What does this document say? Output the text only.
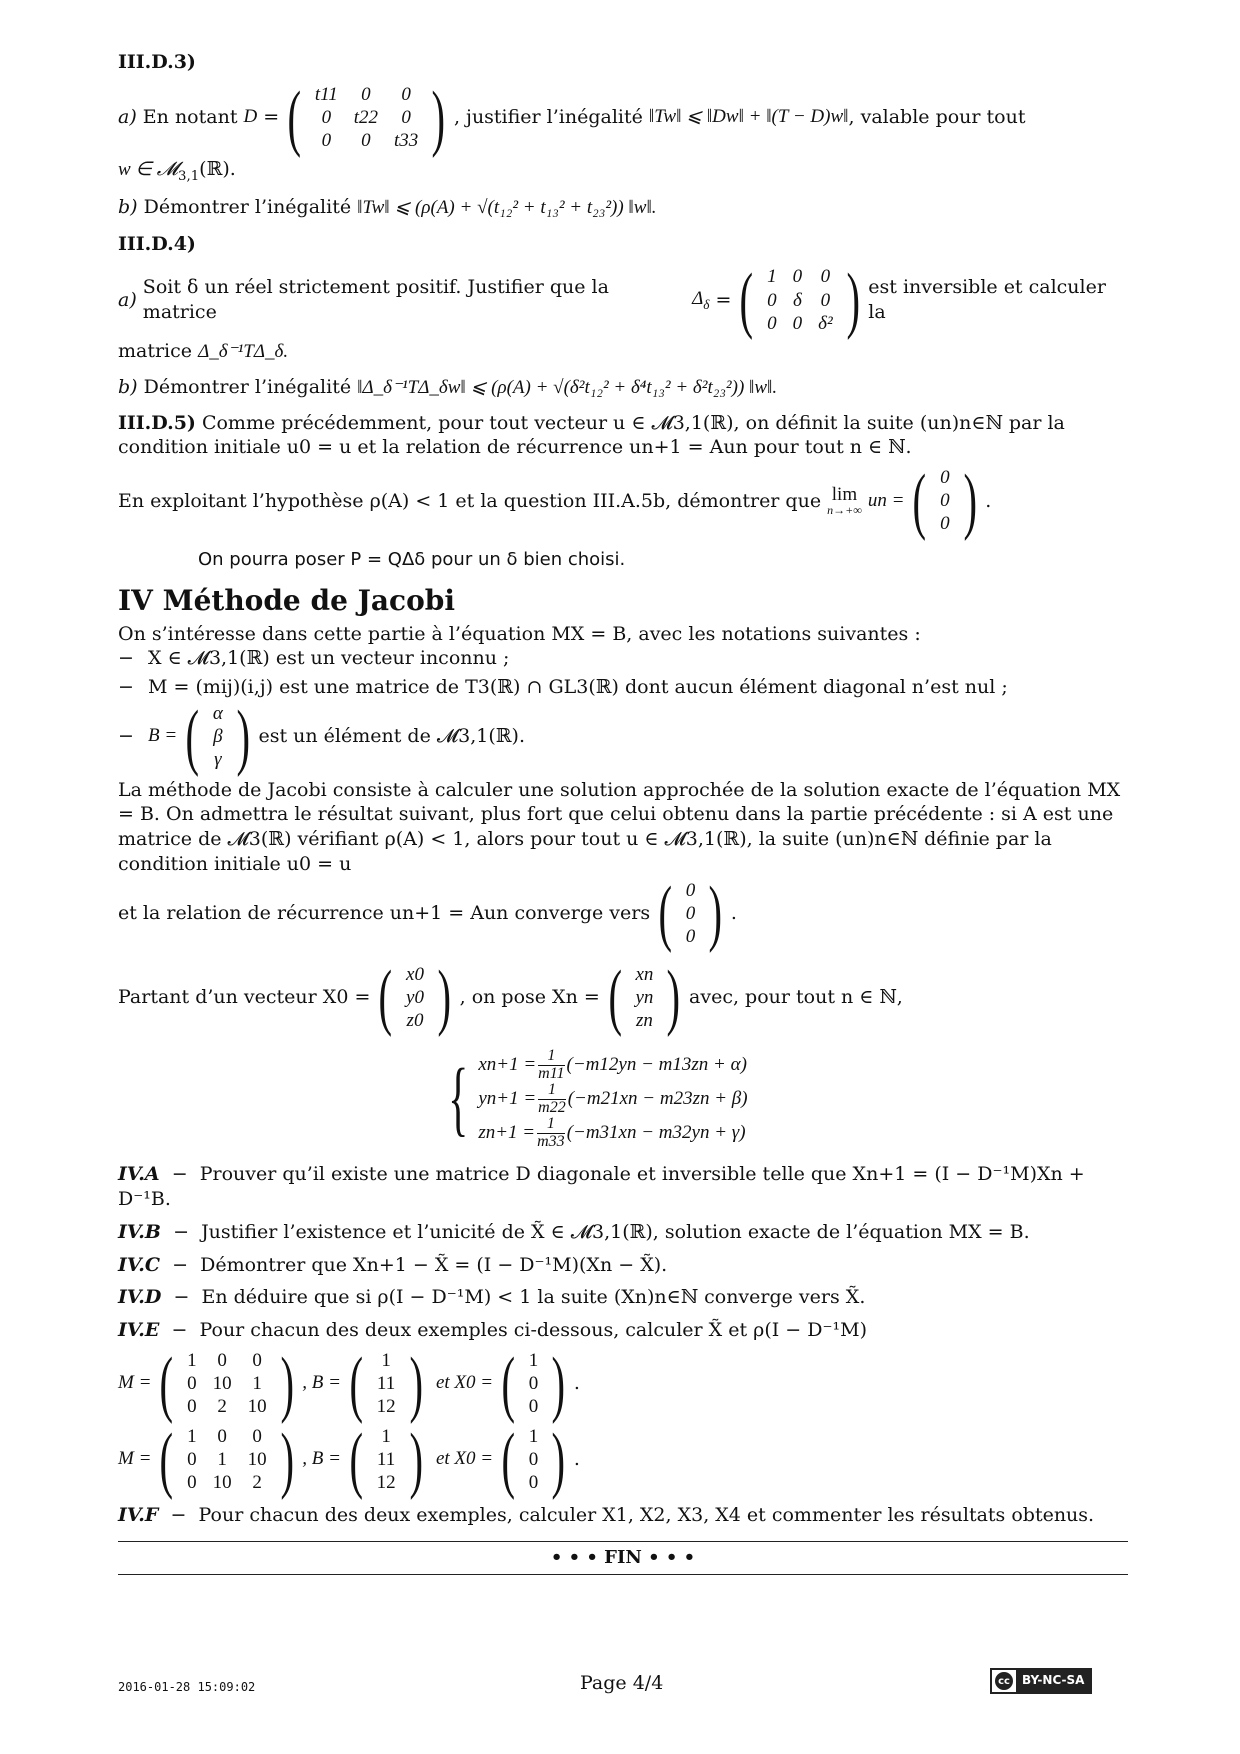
III.D.3)

a)
En notant
D = ( t11	0	0
0	t22	0
0	0	t33 ) , justifier l’inégalité
‖Tw‖ ⩽ ‖Dw‖ + ‖(T − D)w‖ , valable pour tout

w ∈ 𝓜$_{3,1}$(ℝ).

b) Démontrer l’inégalité ‖Tw‖ ⩽ (ρ(A) + √(t₁₂² + t₁₃² + t₂₃²)) ‖w‖.

III.D.4)

a)

Soit δ un réel strictement positif. Justifier que la matrice

$\Delta_\delta$ = ( 1	0	0
0	δ	0
0	0	δ² ) est inversible et calculer la

matrice Δ_δ⁻¹TΔ_δ.

b) Démontrer l’inégalité ‖Δ_δ⁻¹TΔ_δw‖ ⩽ (ρ(A) + √(δ²t₁₂² + δ⁴t₁₃² + δ²t₂₃²)) ‖w‖.

III.D.5) Comme précédemment, pour tout vecteur u ∈ 𝓜3,1(ℝ), on définit la suite (un)n∈ℕ par la condition initiale u0 = u et la relation de récurrence un+1 = Aun pour tout n ∈ ℕ.

En exploitant l’hypothèse ρ(A) < 1 et la question III.A.5b, démontrer que
lim
n→+∞
un = ( 0
0
0 ) .

On pourra poser P = QΔδ pour un δ bien choisi.

IV Méthode de Jacobi

On s’intéresse dans cette partie à l’équation MX = B, avec les notations suivantes :

− X ∈ 𝓜3,1(ℝ) est un vecteur inconnu ;

− M = (mij)(i,j) est une matrice de T3(ℝ) ∩ GL3(ℝ) dont aucun élément diagonal n’est nul ;

− B = ( α
β
γ ) est un élément de 𝓜3,1(ℝ).

La méthode de Jacobi consiste à calculer une solution approchée de la solution exacte de l’équation MX = B. On admettra le résultat suivant, plus fort que celui obtenu dans la partie précédente : si A est une matrice de 𝓜3(ℝ) vérifiant ρ(A) < 1, alors pour tout u ∈ 𝓜3,1(ℝ), la suite (un)n∈ℕ définie par la condition initiale u0 = u

et la relation de récurrence un+1 = Aun converge vers ( 0
0
0 ) .
Partant d’un vecteur X0 = ( x0
y0
z0 ) , on pose Xn = ( xn
yn
zn ) avec, pour tout n ∈ ℕ,
{ $xn+1 = \frac{1}{m11} (-m12yn - m13zn + \alpha)$
$yn+1 = \frac{1}{m22} (-m21xn - m23zn + \beta)$
$zn+1 = \frac{1}{m33} (-m31xn - m32yn + \gamma)$

IV.A  −  Prouver qu’il existe une matrice D diagonale et inversible telle que Xn+1 = (I − D⁻¹M)Xn + D⁻¹B.

IV.B  −  Justifier l’existence et l’unicité de X̃ ∈ 𝓜3,1(ℝ), solution exacte de l’équation MX = B.

IV.C  −  Démontrer que Xn+1 − X̃ = (I − D⁻¹M)(Xn − X̃).

IV.D  −  En déduire que si ρ(I − D⁻¹M) < 1 la suite (Xn)n∈ℕ converge vers X̃.

IV.E  −  Pour chacun des deux exemples ci-dessous, calculer X̃ et ρ(I − D⁻¹M)

M = ( 1	0	0
0	10	1
0	2	10 ) , B = ( 1
11
12 ) et X0 = ( 1
0
0 ) .
M = ( 1	0	0
0	1	10
0	10	2 ) , B = ( 1
11
12 ) et X0 = ( 1
0
0 ) .

IV.F − Pour chacun des deux exemples, calculer X1, X2, X3, X4 et commenter les résultats obtenus.

• • • FIN • • •

2016-01-28 15:09:02	Page 4/4	cc	BY-NC-SA
